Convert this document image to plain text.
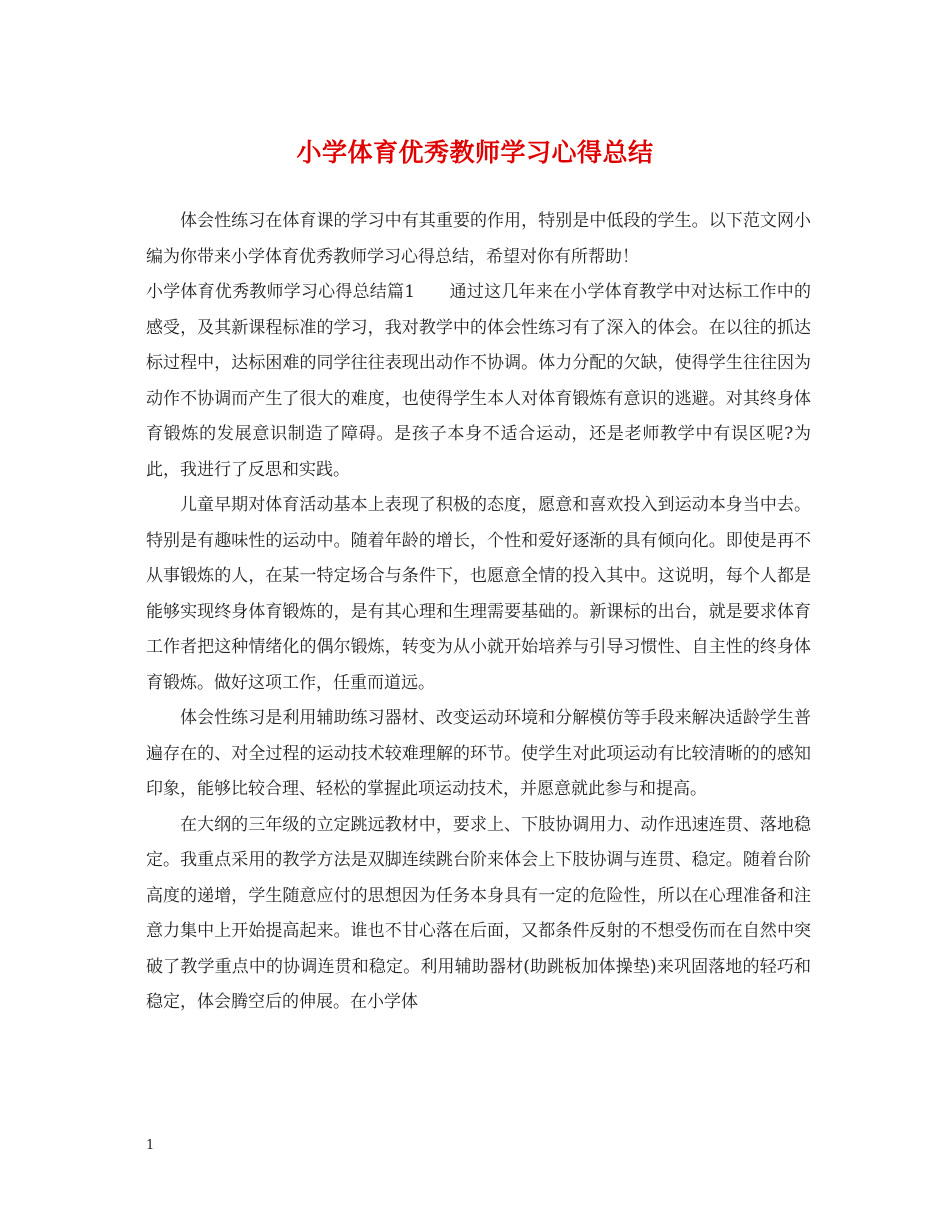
小学体育优秀教师学习心得总结

体会性练习在体育课的学习中有其重要的作用，特别是中低段的学生。以下范文网小编为你带来小学体育优秀教师学习心得总结，希望对你有所帮助！

小学体育优秀教师学习心得总结篇1　　通过这几年来在小学体育教学中对达标工作中的感受，及其新课程标准的学习，我对教学中的体会性练习有了深入的体会。在以往的抓达标过程中，达标困难的同学往往表现出动作不协调。体力分配的欠缺，使得学生往往因为动作不协调而产生了很大的难度，也使得学生本人对体育锻炼有意识的逃避。对其终身体育锻炼的发展意识制造了障碍。是孩子本身不适合运动，还是老师教学中有误区呢?为此，我进行了反思和实践。

儿童早期对体育活动基本上表现了积极的态度，愿意和喜欢投入到运动本身当中去。特别是有趣味性的运动中。随着年龄的增长，个性和爱好逐渐的具有倾向化。即使是再不从事锻炼的人，在某一特定场合与条件下，也愿意全情的投入其中。这说明，每个人都是能够实现终身体育锻炼的，是有其心理和生理需要基础的。新课标的出台，就是要求体育工作者把这种情绪化的偶尔锻炼，转变为从小就开始培养与引导习惯性、自主性的终身体育锻炼。做好这项工作，任重而道远。

体会性练习是利用辅助练习器材、改变运动环境和分解模仿等手段来解决适龄学生普遍存在的、对全过程的运动技术较难理解的环节。使学生对此项运动有比较清晰的的感知印象，能够比较合理、轻松的掌握此项运动技术，并愿意就此参与和提高。

在大纲的三年级的立定跳远教材中，要求上、下肢协调用力、动作迅速连贯、落地稳定。我重点采用的教学方法是双脚连续跳台阶来体会上下肢协调与连贯、稳定。随着台阶高度的递增，学生随意应付的思想因为任务本身具有一定的危险性，所以在心理准备和注意力集中上开始提高起来。谁也不甘心落在后面，又都条件反射的不想受伤而在自然中突破了教学重点中的协调连贯和稳定。利用辅助器材(助跳板加体操垫)来巩固落地的轻巧和稳定，体会腾空后的伸展。在小学体

1
